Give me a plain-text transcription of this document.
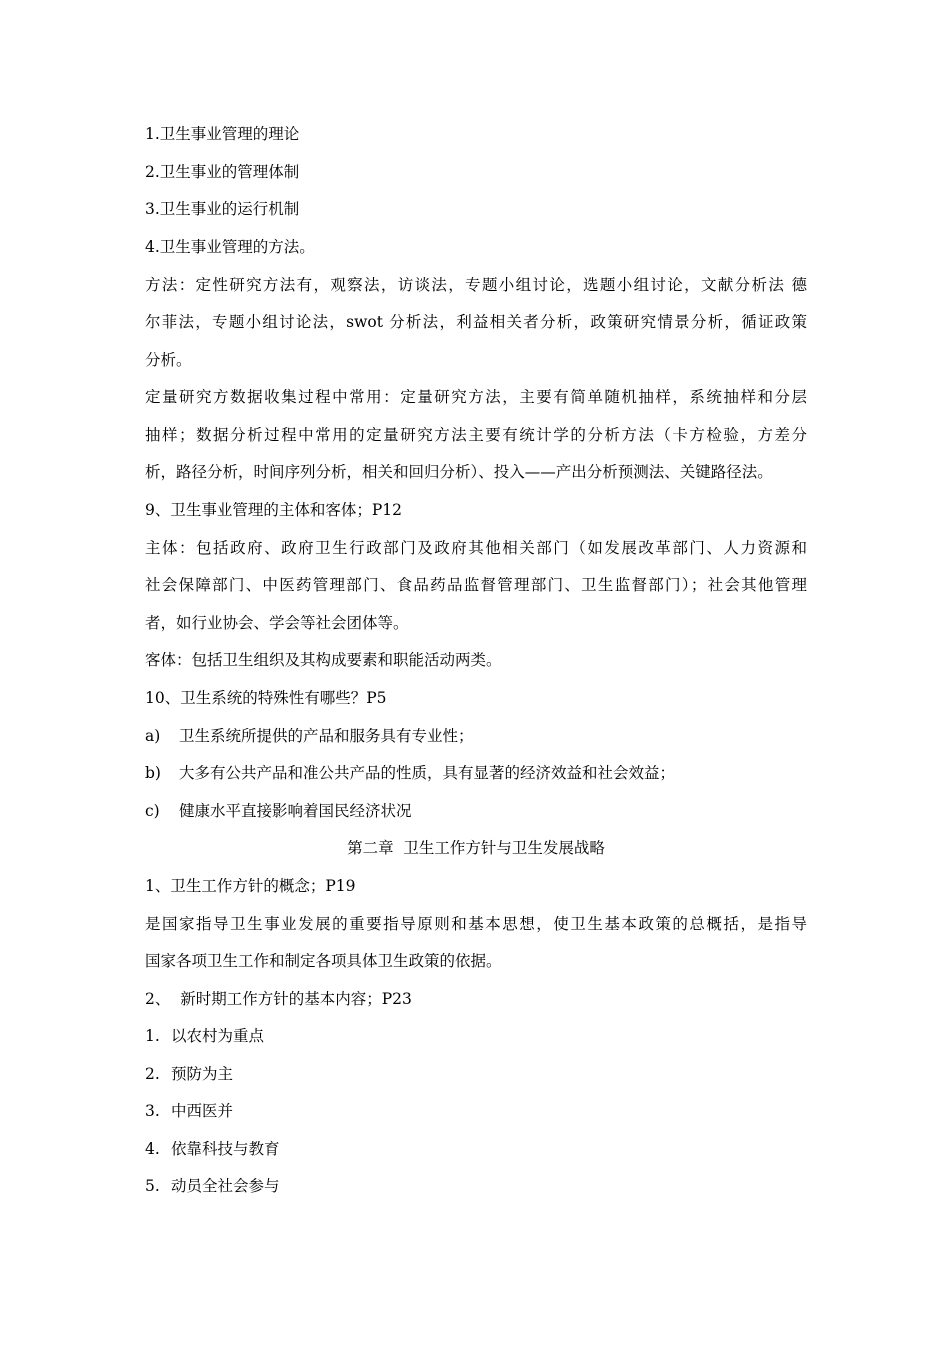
1.卫生事业管理的理论

2.卫生事业的管理体制

3.卫生事业的运行机制

4.卫生事业管理的方法。

方法：定性研究方法有，观察法，访谈法，专题小组讨论，选题小组讨论，文献分析法 德

尔菲法，专题小组讨论法，swot 分析法，利益相关者分析，政策研究情景分析，循证政策

分析。

定量研究方数据收集过程中常用：定量研究方法，主要有简单随机抽样，系统抽样和分层

抽样；数据分析过程中常用的定量研究方法主要有统计学的分析方法（卡方检验，方差分

析，路径分析，时间序列分析，相关和回归分析）、投入——产出分析预测法、关键路径法。

9、卫生事业管理的主体和客体；P12

主体：包括政府、政府卫生行政部门及政府其他相关部门（如发展改革部门、人力资源和

社会保障部门、中医药管理部门、食品药品监督管理部门、卫生监督部门）；社会其他管理

者，如行业协会、学会等社会团体等。

客体：包括卫生组织及其构成要素和职能活动两类。

10、卫生系统的特殊性有哪些？P5

a) 卫生系统所提供的产品和服务具有专业性；

b) 大多有公共产品和准公共产品的性质，具有显著的经济效益和社会效益；

c) 健康水平直接影响着国民经济状况

第二章  卫生工作方针与卫生发展战略

1、卫生工作方针的概念；P19

是国家指导卫生事业发展的重要指导原则和基本思想，使卫生基本政策的总概括，是指导

国家各项卫生工作和制定各项具体卫生政策的依据。

2、  新时期工作方针的基本内容；P23

1. 以农村为重点

2. 预防为主

3. 中西医并

4. 依靠科技与教育

5. 动员全社会参与
